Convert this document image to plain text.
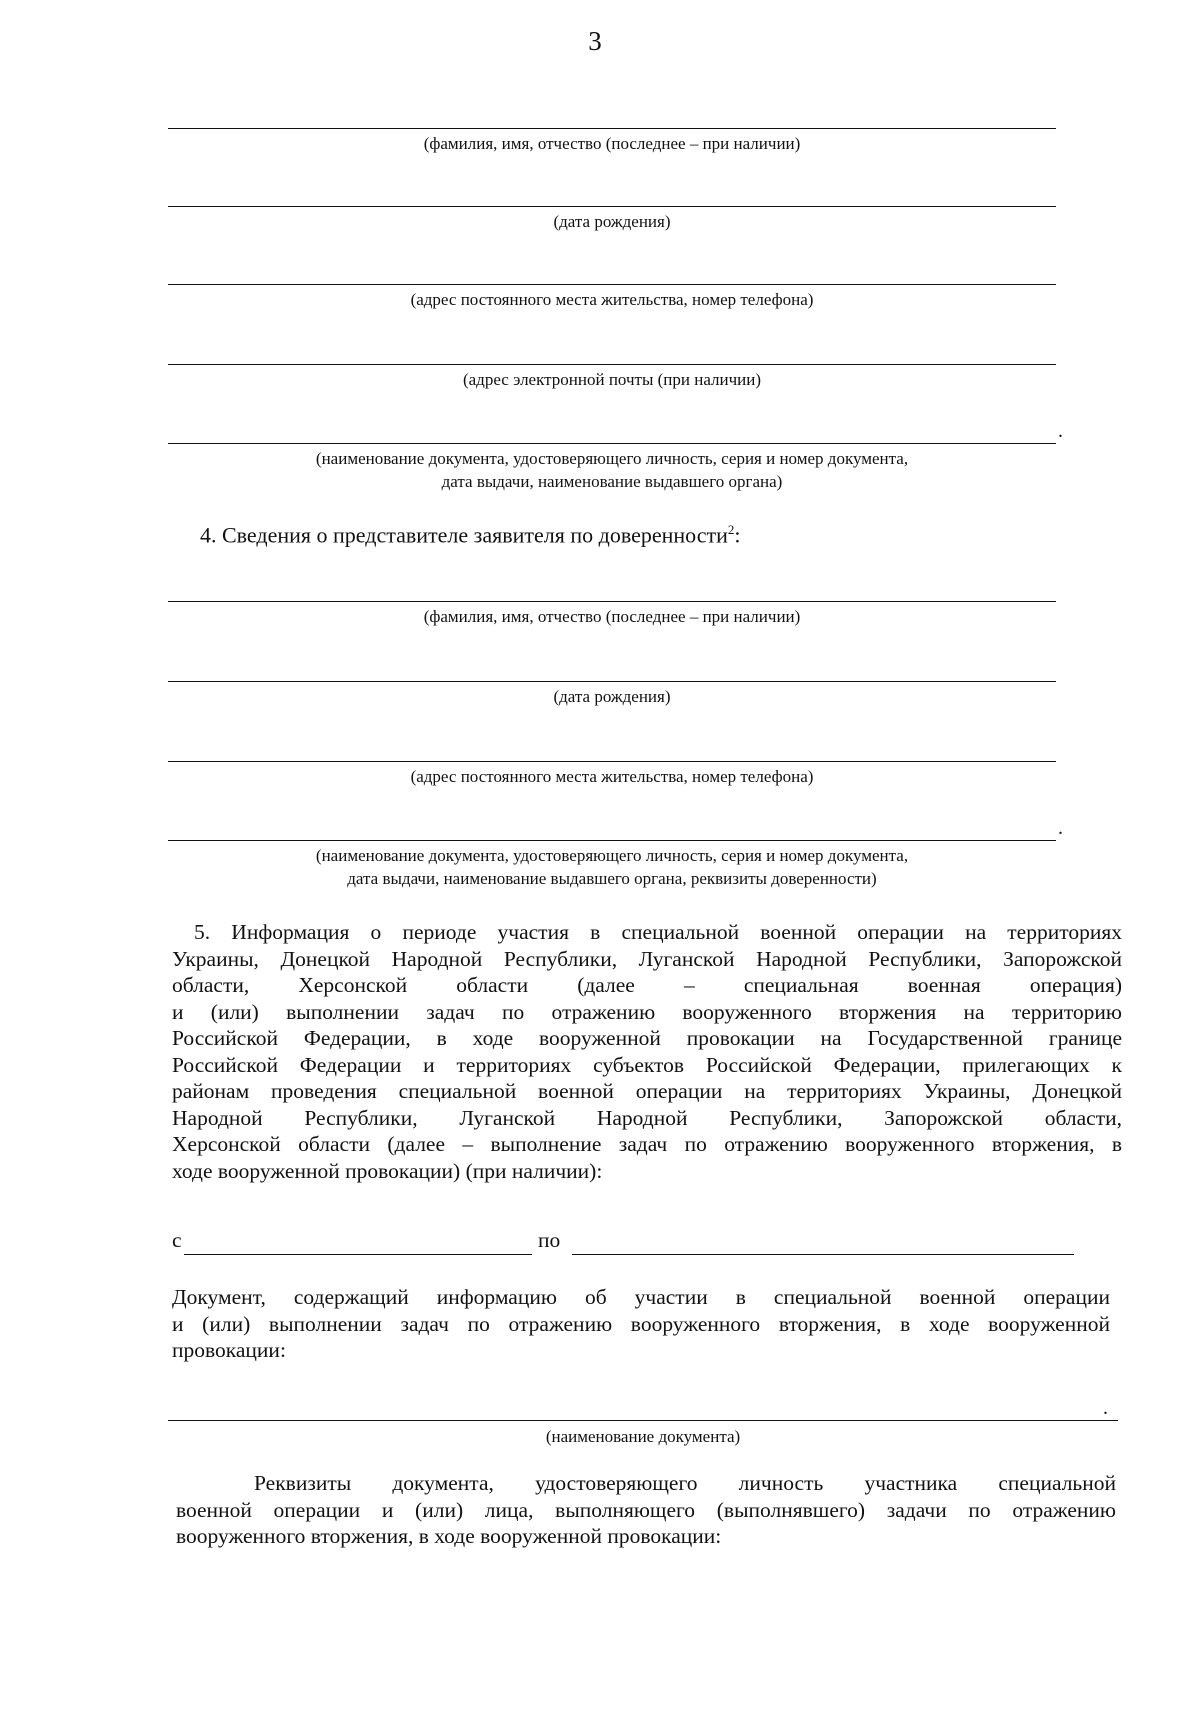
3
(фамилия, имя, отчество (последнее – при наличии)
(дата рождения)
(адрес постоянного места жительства, номер телефона)
(адрес электронной почты (при наличии)
.
(наименование документа, удостоверяющего личность, серия и номер документа,
дата выдачи, наименование выдавшего органа)
4. Сведения о представителе заявителя по доверенности$^2$:
(фамилия, имя, отчество (последнее – при наличии)
(дата рождения)
(адрес постоянного места жительства, номер телефона)
.
(наименование документа, удостоверяющего личность, серия и номер документа,
дата выдачи, наименование выдавшего органа, реквизиты доверенности)
5. Информация о периоде участия в специальной военной операции на территориях
Украины, Донецкой Народной Республики, Луганской Народной Республики, Запорожской
области, Херсонской области (далее – специальная военная операция)
и (или) выполнении задач по отражению вооруженного вторжения на территорию
Российской Федерации, в ходе вооруженной провокации на Государственной границе
Российской Федерации и территориях субъектов Российской Федерации, прилегающих к
районам проведения специальной военной операции на территориях Украины, Донецкой
Народной Республики, Луганской Народной Республики, Запорожской области,
Херсонской области (далее – выполнение задач по отражению вооруженного вторжения, в
ходе вооруженной провокации) (при наличии):
с	по
Документ, содержащий информацию об участии в специальной военной операции
и (или) выполнении задач по отражению вооруженного вторжения, в ходе вооруженной
провокации:
.
(наименование документа)
Реквизиты документа, удостоверяющего личность участника специальной
военной операции и (или) лица, выполняющего (выполнявшего) задачи по отражению
вооруженного вторжения, в ходе вооруженной провокации:
